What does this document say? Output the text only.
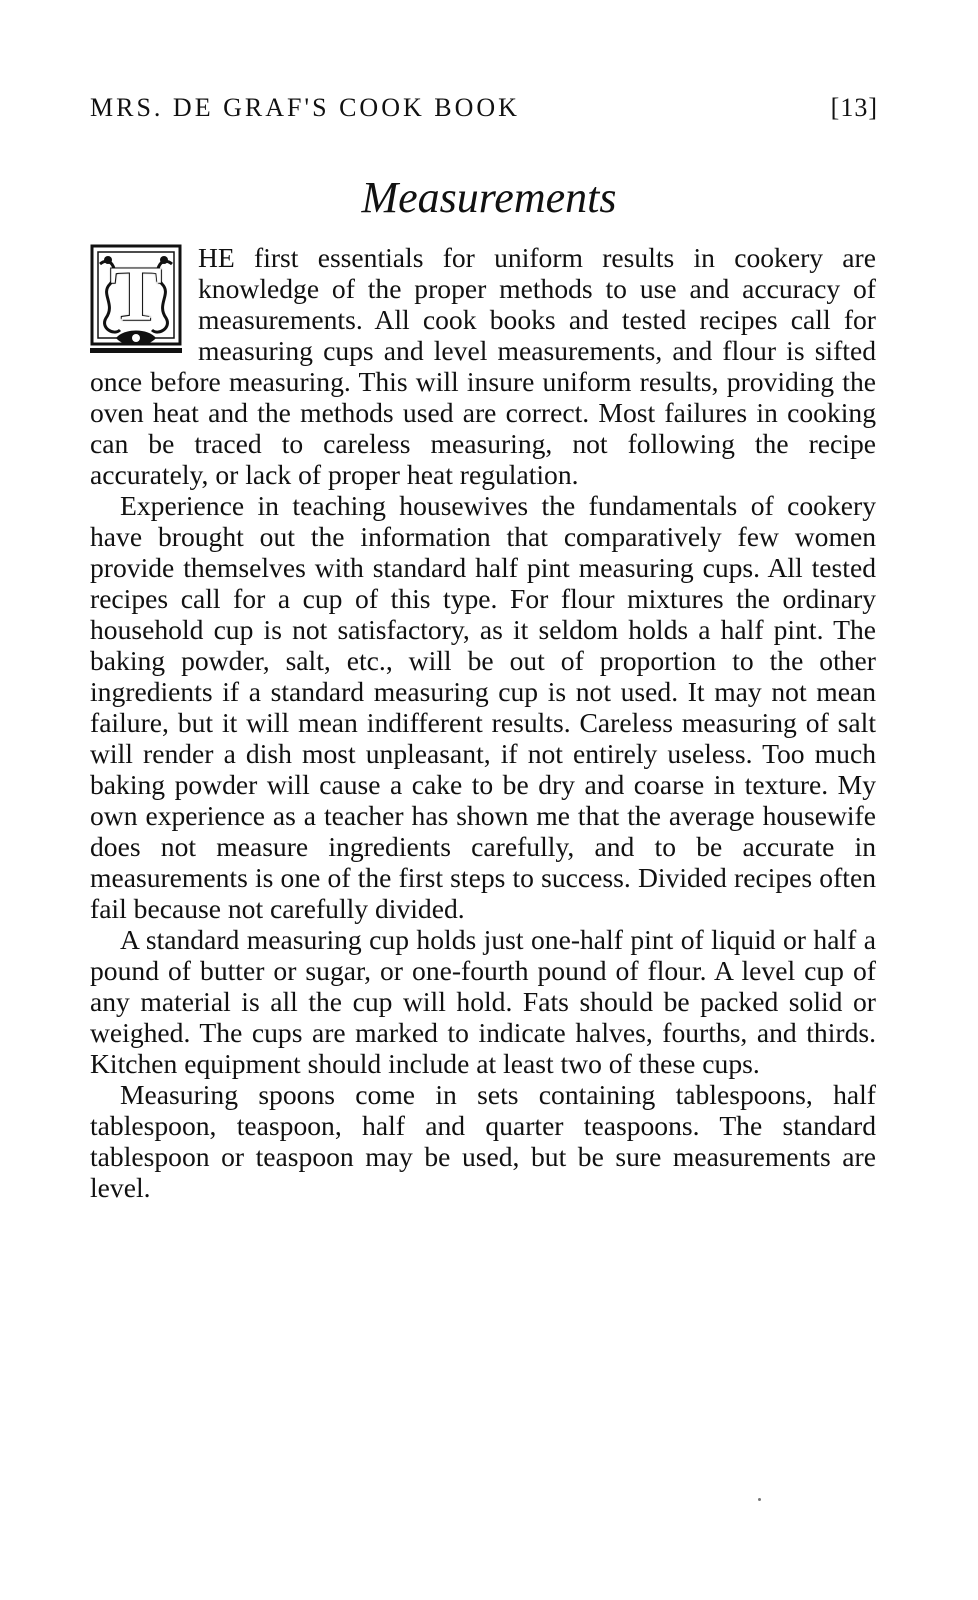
MRS. DE GRAF'S COOK BOOK	[13]
Measurements

T	HE first essentials for uniform results in cookery are knowledge of the proper methods to use and accuracy of measurements. All cook books and tested recipes call for measuring cups and level measurements, and flour is sifted once before measuring. This will insure uniform results, providing the oven heat and the methods used are correct. Most failures in cooking can be traced to careless measuring, not following the recipe accurately, or lack of proper heat regulation.

Experience in teaching housewives the fundamentals of cookery have brought out the information that comparatively few women provide themselves with standard half pint measuring cups. All tested recipes call for a cup of this type. For flour mixtures the ordinary household cup is not satisfactory, as it seldom holds a half pint. The baking powder, salt, etc., will be out of proportion to the other ingredients if a standard measuring cup is not used. It may not mean failure, but it will mean indifferent results. Careless measuring of salt will render a dish most unpleasant, if not entirely useless. Too much baking powder will cause a cake to be dry and coarse in texture. My own experience as a teacher has shown me that the average housewife does not measure ingredients carefully, and to be accurate in measurements is one of the first steps to success. Divided recipes often fail because not carefully divided.

A standard measuring cup holds just one-half pint of liquid or half a pound of butter or sugar, or one-fourth pound of flour. A level cup of any material is all the cup will hold. Fats should be packed solid or weighed. The cups are marked to indicate halves, fourths, and thirds. Kitchen equipment should include at least two of these cups.

Measuring spoons come in sets containing tablespoons, half tablespoon, teaspoon, half and quarter teaspoons. The standard tablespoon or teaspoon may be used, but be sure measurements are level.
